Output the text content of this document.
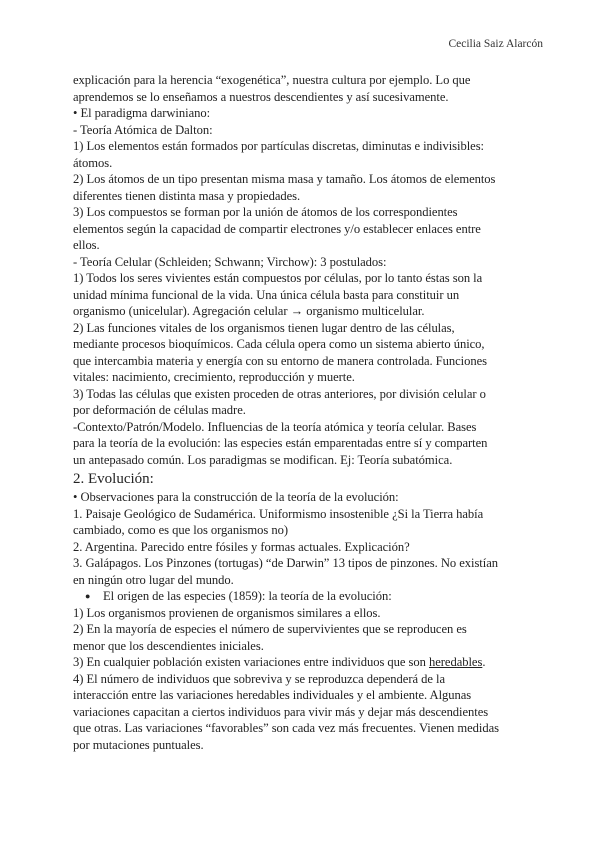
Cecilia Saiz Alarcón
explicación para la herencia “exogenética”, nuestra cultura por ejemplo. Lo que
aprendemos se lo enseñamos a nuestros descendientes y así sucesivamente.
• El paradigma darwiniano:
- Teoría Atómica de Dalton:
1) Los elementos están formados por partículas discretas, diminutas e indivisibles:
átomos.
2) Los átomos de un tipo presentan misma masa y tamaño. Los átomos de elementos
diferentes tienen distinta masa y propiedades.
3) Los compuestos se forman por la unión de átomos de los correspondientes
elementos según la capacidad de compartir electrones y/o establecer enlaces entre
ellos.
- Teoría Celular (Schleiden; Schwann; Virchow): 3 postulados:
1) Todos los seres vivientes están compuestos por células, por lo tanto éstas son la
unidad mínima funcional de la vida. Una única célula basta para constituir un
organismo (unicelular). Agregación celular → organismo multicelular.
2) Las funciones vitales de los organismos tienen lugar dentro de las células,
mediante procesos bioquímicos. Cada célula opera como un sistema abierto único,
que intercambia materia y energía con su entorno de manera controlada. Funciones
vitales: nacimiento, crecimiento, reproducción y muerte.
3) Todas las células que existen proceden de otras anteriores, por división celular o
por deformación de células madre.
-Contexto/Patrón/Modelo. Influencias de la teoría atómica y teoría celular. Bases
para la teoría de la evolución: las especies están emparentadas entre sí y comparten
un antepasado común. Los paradigmas se modifican. Ej: Teoría subatómica.
2. Evolución:
• Observaciones para la construcción de la teoría de la evolución:
1. Paisaje Geológico de Sudamérica. Uniformismo insostenible ¿Si la Tierra había
cambiado, como es que los organismos no)
2. Argentina. Parecido entre fósiles y formas actuales. Explicación?
3. Galápagos. Los Pinzones (tortugas) “de Darwin” 13 tipos de pinzones. No existían
en ningún otro lugar del mundo.
● El origen de las especies (1859): la teoría de la evolución:
1) Los organismos provienen de organismos similares a ellos.
2) En la mayoría de especies el número de supervivientes que se reproducen es
menor que los descendientes iniciales.
3) En cualquier población existen variaciones entre individuos que son heredables.
4) El número de individuos que sobreviva y se reproduzca dependerá de la
interacción entre las variaciones heredables individuales y el ambiente. Algunas
variaciones capacitan a ciertos individuos para vivir más y dejar más descendientes
que otras. Las variaciones “favorables” son cada vez más frecuentes. Vienen medidas
por mutaciones puntuales.
